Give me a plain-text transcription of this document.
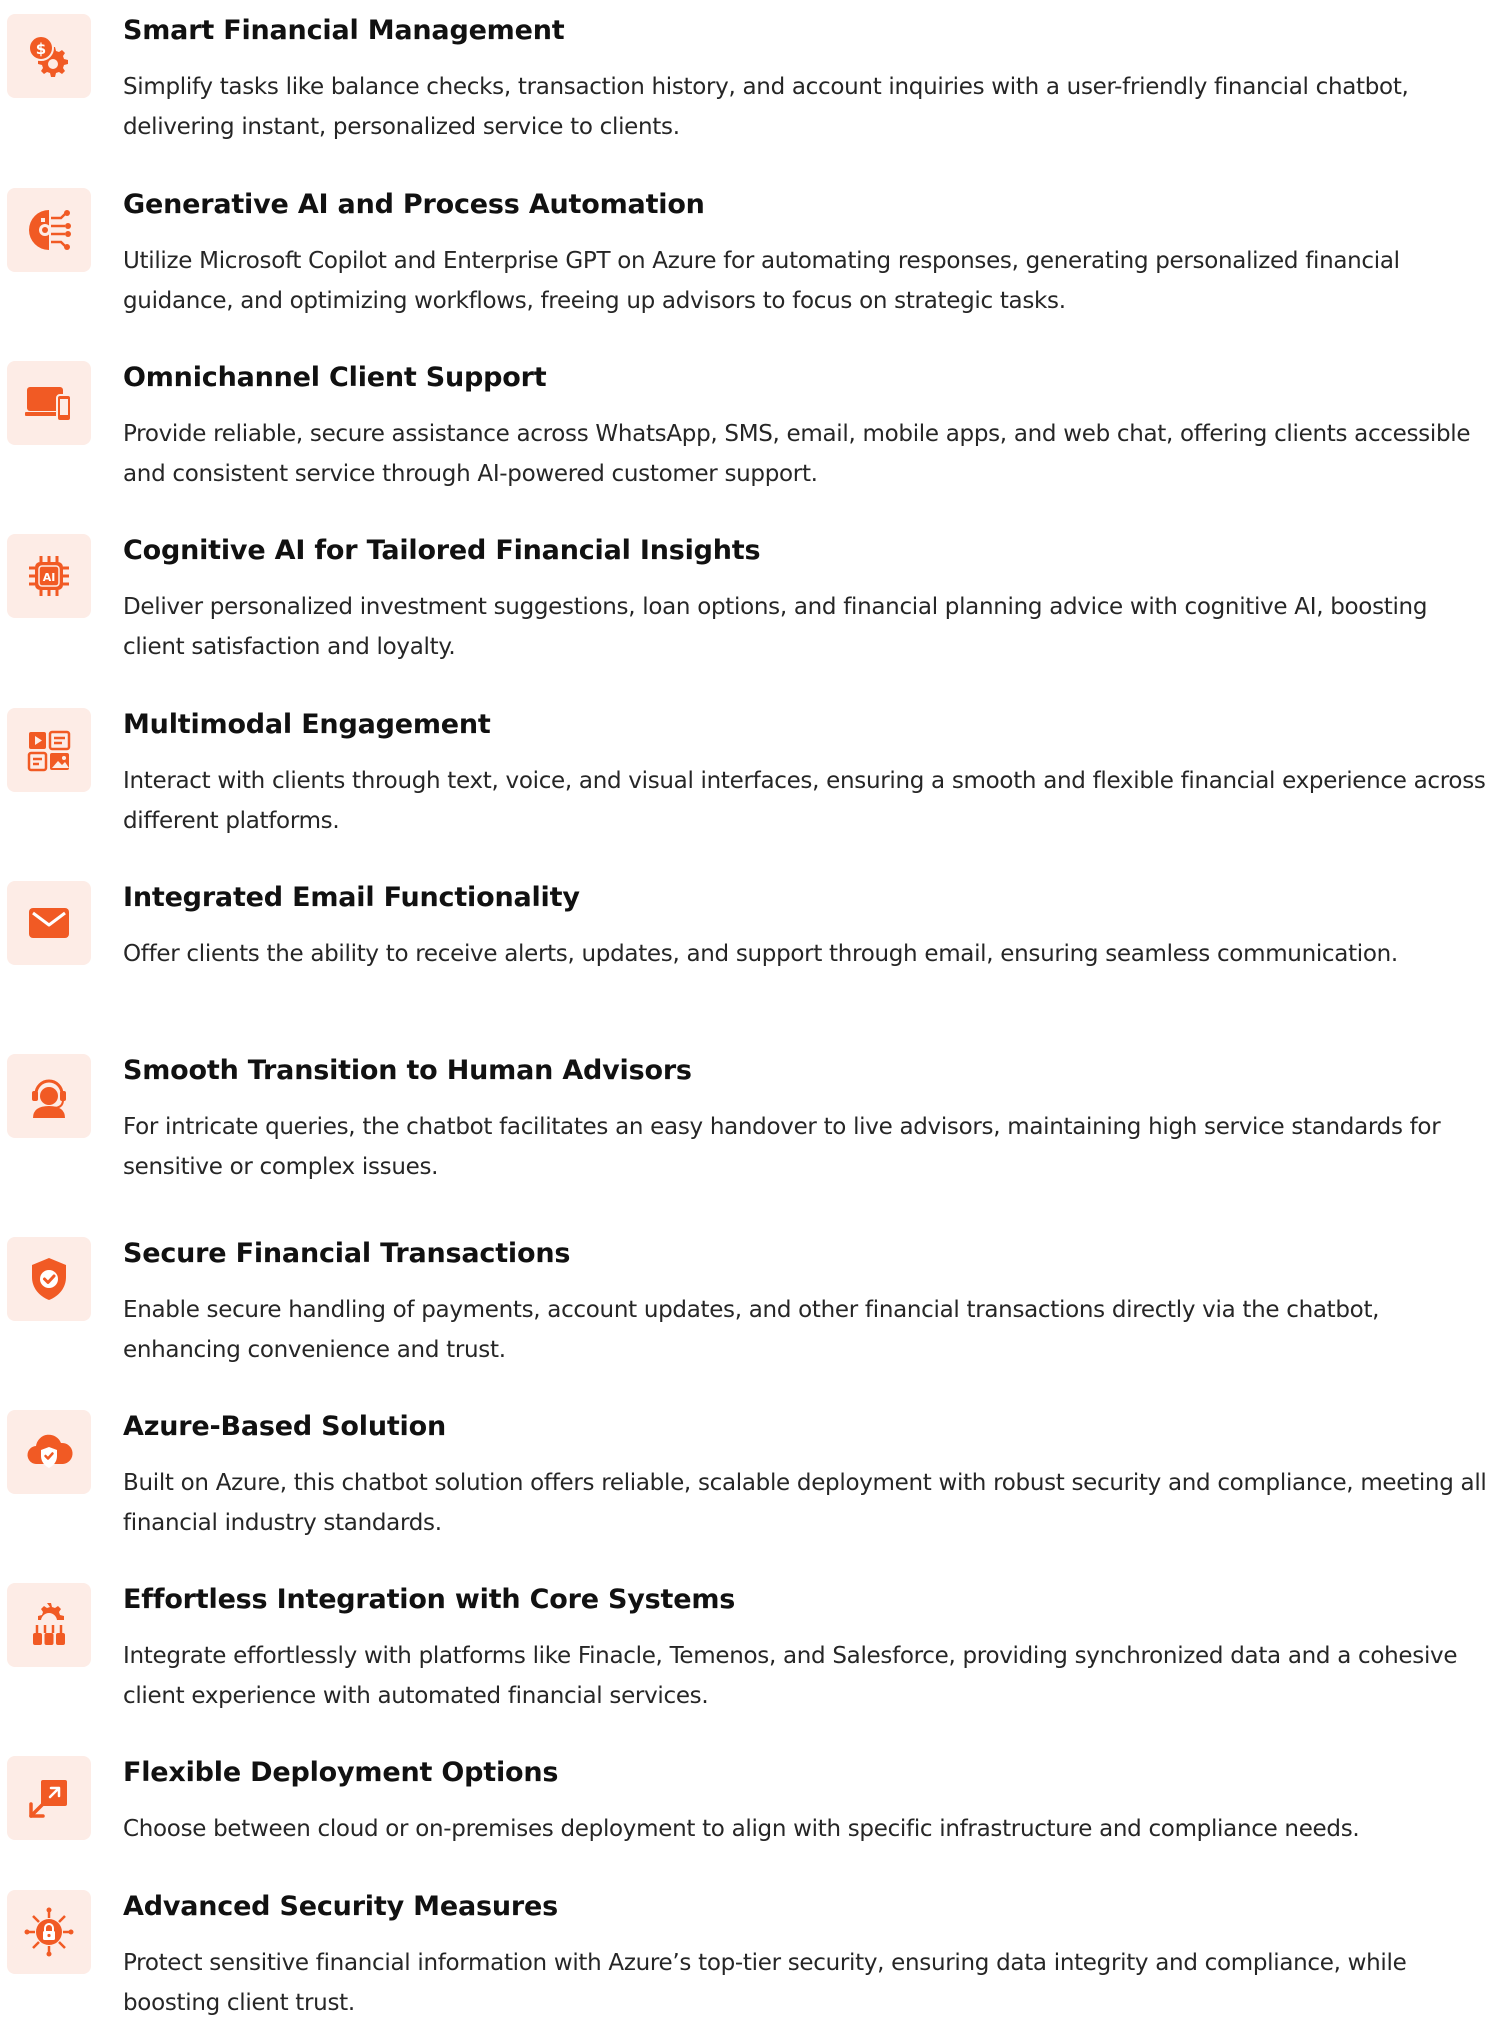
$
Smart Financial Management

Simplify tasks like balance checks, transaction history, and account inquiries with a user-friendly financial chatbot, delivering instant, personalized service to clients.

Generative AI and Process Automation

Utilize Microsoft Copilot and Enterprise GPT on Azure for automating responses, generating personalized financial guidance, and optimizing workflows, freeing up advisors to focus on strategic tasks.

Omnichannel Client Support

Provide reliable, secure assistance across WhatsApp, SMS, email, mobile apps, and web chat, offering clients accessible and consistent service through AI-powered customer support.

AI
Cognitive AI for Tailored Financial Insights

Deliver personalized investment suggestions, loan options, and financial planning advice with cognitive AI, boosting client satisfaction and loyalty.

Multimodal Engagement

Interact with clients through text, voice, and visual interfaces, ensuring a smooth and flexible financial experience across different platforms.

Integrated Email Functionality

Offer clients the ability to receive alerts, updates, and support through email, ensuring seamless communication.

Smooth Transition to Human Advisors

For intricate queries, the chatbot facilitates an easy handover to live advisors, maintaining high service standards for sensitive or complex issues.

Secure Financial Transactions

Enable secure handling of payments, account updates, and other financial transactions directly via the chatbot, enhancing convenience and trust.

Azure-Based Solution

Built on Azure, this chatbot solution offers reliable, scalable deployment with robust security and compliance, meeting all financial industry standards.

Effortless Integration with Core Systems

Integrate effortlessly with platforms like Finacle, Temenos, and Salesforce, providing synchronized data and a cohesive client experience with automated financial services.

Flexible Deployment Options

Choose between cloud or on-premises deployment to align with specific infrastructure and compliance needs.

Advanced Security Measures

Protect sensitive financial information with Azure’s top-tier security, ensuring data integrity and compliance, while boosting client trust.
